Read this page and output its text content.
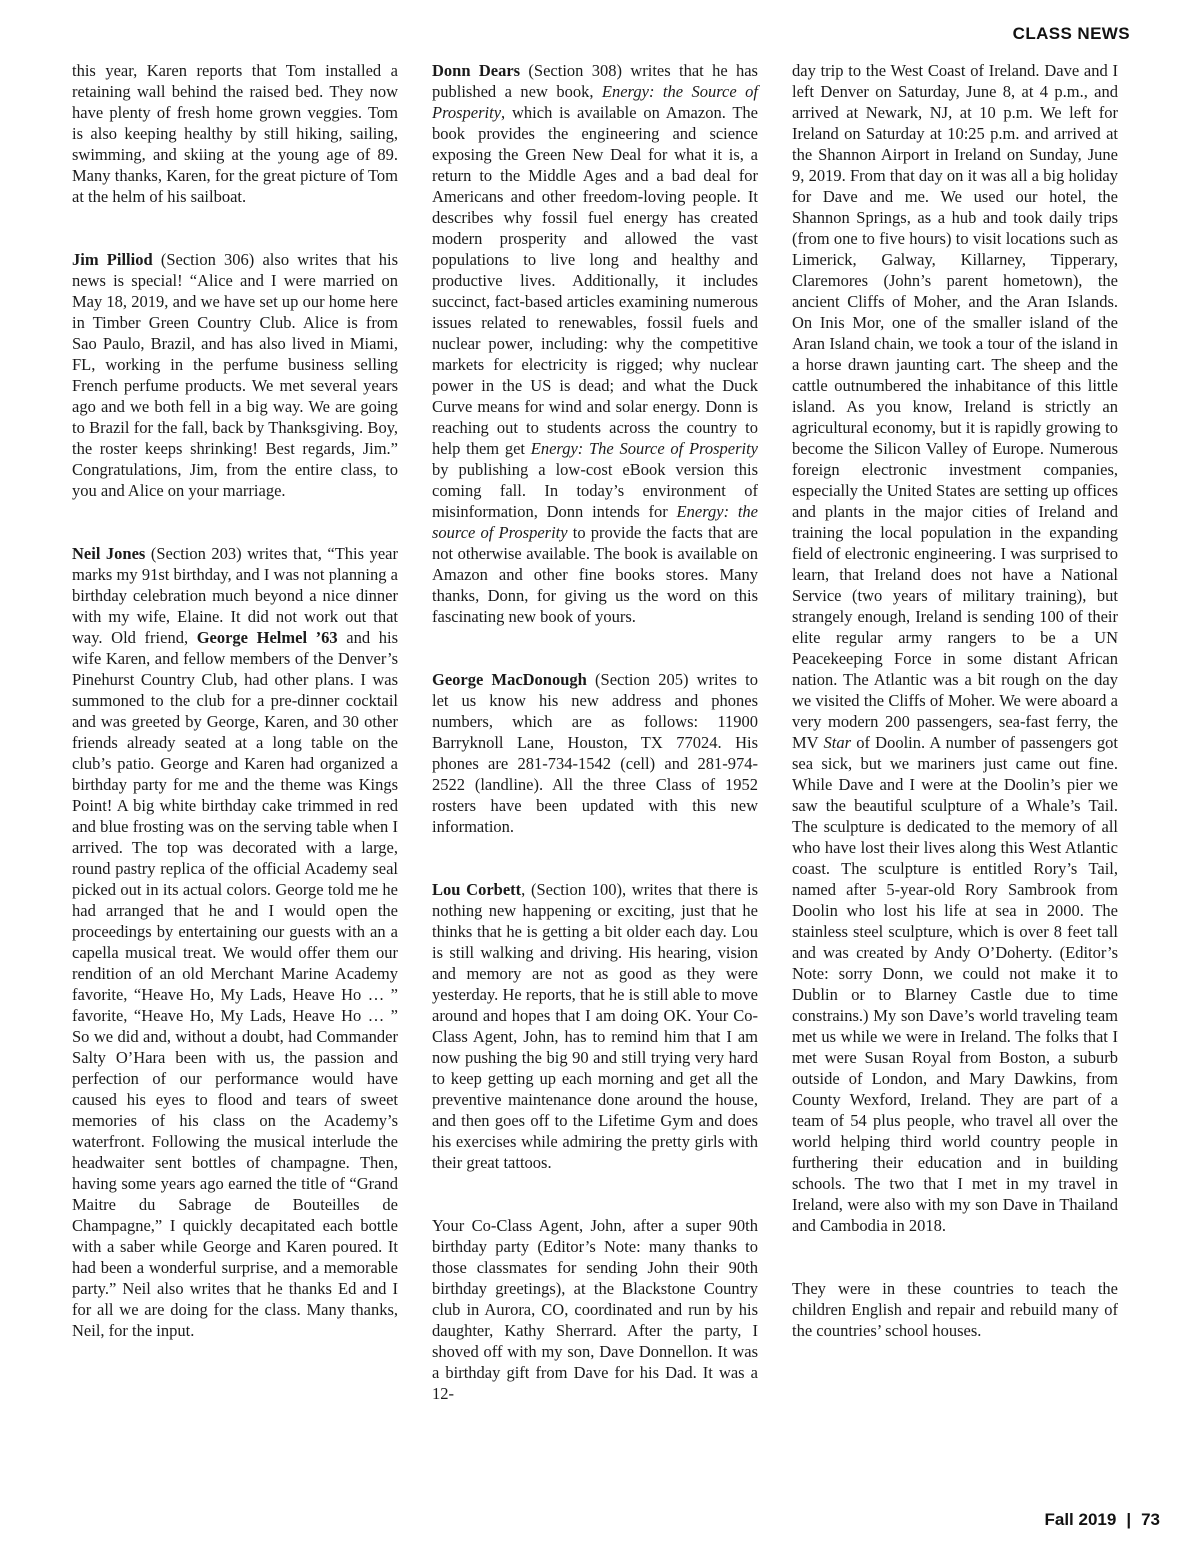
CLASS NEWS

this year, Karen reports that Tom installed a retaining wall behind the raised bed. They now have plenty of fresh home grown veggies. Tom is also keeping healthy by still hiking, sailing, swimming, and skiing at the young age of 89. Many thanks, Karen, for the great picture of Tom at the helm of his sailboat.

Jim Pilliod (Section 306) also writes that his news is special! “Alice and I were married on May 18, 2019, and we have set up our home here in Timber Green Country Club. Alice is from Sao Paulo, Brazil, and has also lived in Miami, FL, working in the perfume business selling French perfume products. We met several years ago and we both fell in a big way. We are going to Brazil for the fall, back by Thanksgiving. Boy, the roster keeps shrinking! Best regards, Jim.” Congratulations, Jim, from the entire class, to you and Alice on your marriage.

Neil Jones (Section 203) writes that, “This year marks my 91st birthday, and I was not planning a birthday celebration much beyond a nice dinner with my wife, Elaine. It did not work out that way. Old friend, George Helmel ’63 and his wife Karen, and fellow members of the Denver’s Pinehurst Country Club, had other plans. I was summoned to the club for a pre-dinner cocktail and was greeted by George, Karen, and 30 other friends already seated at a long table on the club’s patio. George and Karen had organized a birthday party for me and the theme was Kings Point! A big white birthday cake trimmed in red and blue frosting was on the serving table when I arrived. The top was decorated with a large, round pastry replica of the official Academy seal picked out in its actual colors. George told me he had arranged that he and I would open the proceedings by entertaining our guests with an a capella musical treat. We would offer them our rendition of an old Merchant Marine Academy favorite, “Heave Ho, My Lads, Heave Ho … ” favorite, “Heave Ho, My Lads, Heave Ho … ” So we did and, without a doubt, had Commander Salty O’Hara been with us, the passion and perfection of our performance would have caused his eyes to flood and tears of sweet memories of his class on the Academy’s waterfront. Following the musical interlude the headwaiter sent bottles of champagne. Then, having some years ago earned the title of “Grand Maitre du Sabrage de Bouteilles de Champagne,” I quickly decapitated each bottle with a saber while George and Karen poured. It had been a wonderful surprise, and a memorable party.” Neil also writes that he thanks Ed and I for all we are doing for the class. Many thanks, Neil, for the input.

Donn Dears (Section 308) writes that he has published a new book, Energy: the Source of Prosperity, which is available on Amazon. The book provides the engineering and science exposing the Green New Deal for what it is, a return to the Middle Ages and a bad deal for Americans and other freedom-loving people. It describes why fossil fuel energy has created modern prosperity and allowed the vast populations to live long and healthy and productive lives. Additionally, it includes succinct, fact-based articles examining numerous issues related to renewables, fossil fuels and nuclear power, including: why the competitive markets for electricity is rigged; why nuclear power in the US is dead; and what the Duck Curve means for wind and solar energy. Donn is reaching out to students across the country to help them get Energy: The Source of Prosperity by publishing a low-cost eBook version this coming fall. In today’s environment of misinformation, Donn intends for Energy: the source of Prosperity to provide the facts that are not otherwise available. The book is available on Amazon and other fine books stores. Many thanks, Donn, for giving us the word on this fascinating new book of yours.

George MacDonough (Section 205) writes to let us know his new address and phones numbers, which are as follows: 11900 Barryknoll Lane, Houston, TX 77024. His phones are 281-734-1542 (cell) and 281-974-2522 (landline). All the three Class of 1952 rosters have been updated with this new information.

Lou Corbett, (Section 100), writes that there is nothing new happening or exciting, just that he thinks that he is getting a bit older each day. Lou is still walking and driving. His hearing, vision and memory are not as good as they were yesterday. He reports, that he is still able to move around and hopes that I am doing OK. Your Co-Class Agent, John, has to remind him that I am now pushing the big 90 and still trying very hard to keep getting up each morning and get all the preventive maintenance done around the house, and then goes off to the Lifetime Gym and does his exercises while admiring the pretty girls with their great tattoos.

Your Co-Class Agent, John, after a super 90th birthday party (Editor’s Note: many thanks to those classmates for sending John their 90th birthday greetings), at the Blackstone Country club in Aurora, CO, coordinated and run by his daughter, Kathy Sherrard. After the party, I shoved off with my son, Dave Donnellon. It was a birthday gift from Dave for his Dad. It was a 12-

day trip to the West Coast of Ireland. Dave and I left Denver on Saturday, June 8, at 4 p.m., and arrived at Newark, NJ, at 10 p.m. We left for Ireland on Saturday at 10:25 p.m. and arrived at the Shannon Airport in Ireland on Sunday, June 9, 2019. From that day on it was all a big holiday for Dave and me. We used our hotel, the Shannon Springs, as a hub and took daily trips (from one to five hours) to visit locations such as Limerick, Galway, Killarney, Tipperary, Claremores (John’s parent hometown), the ancient Cliffs of Moher, and the Aran Islands. On Inis Mor, one of the smaller island of the Aran Island chain, we took a tour of the island in a horse drawn jaunting cart. The sheep and the cattle outnumbered the inhabitance of this little island. As you know, Ireland is strictly an agricultural economy, but it is rapidly growing to become the Silicon Valley of Europe. Numerous foreign electronic investment companies, especially the United States are setting up offices and plants in the major cities of Ireland and training the local population in the expanding field of electronic engineering. I was surprised to learn, that Ireland does not have a National Service (two years of military training), but strangely enough, Ireland is sending 100 of their elite regular army rangers to be a UN Peacekeeping Force in some distant African nation. The Atlantic was a bit rough on the day we visited the Cliffs of Moher. We were aboard a very modern 200 passengers, sea-fast ferry, the MV Star of Doolin. A number of passengers got sea sick, but we mariners just came out fine. While Dave and I were at the Doolin’s pier we saw the beautiful sculpture of a Whale’s Tail. The sculpture is dedicated to the memory of all who have lost their lives along this West Atlantic coast. The sculpture is entitled Rory’s Tail, named after 5-year-old Rory Sambrook from Doolin who lost his life at sea in 2000. The stainless steel sculpture, which is over 8 feet tall and was created by Andy O’Doherty. (Editor’s Note: sorry Donn, we could not make it to Dublin or to Blarney Castle due to time constrains.) My son Dave’s world traveling team met us while we were in Ireland. The folks that I met were Susan Royal from Boston, a suburb outside of London, and Mary Dawkins, from County Wexford, Ireland. They are part of a team of 54 plus people, who travel all over the world helping third world country people in furthering their education and in building schools. The two that I met in my travel in Ireland, were also with my son Dave in Thailand and Cambodia in 2018.

They were in these countries to teach the children English and repair and rebuild many of the countries’ school houses.

Fall 2019 | 73
